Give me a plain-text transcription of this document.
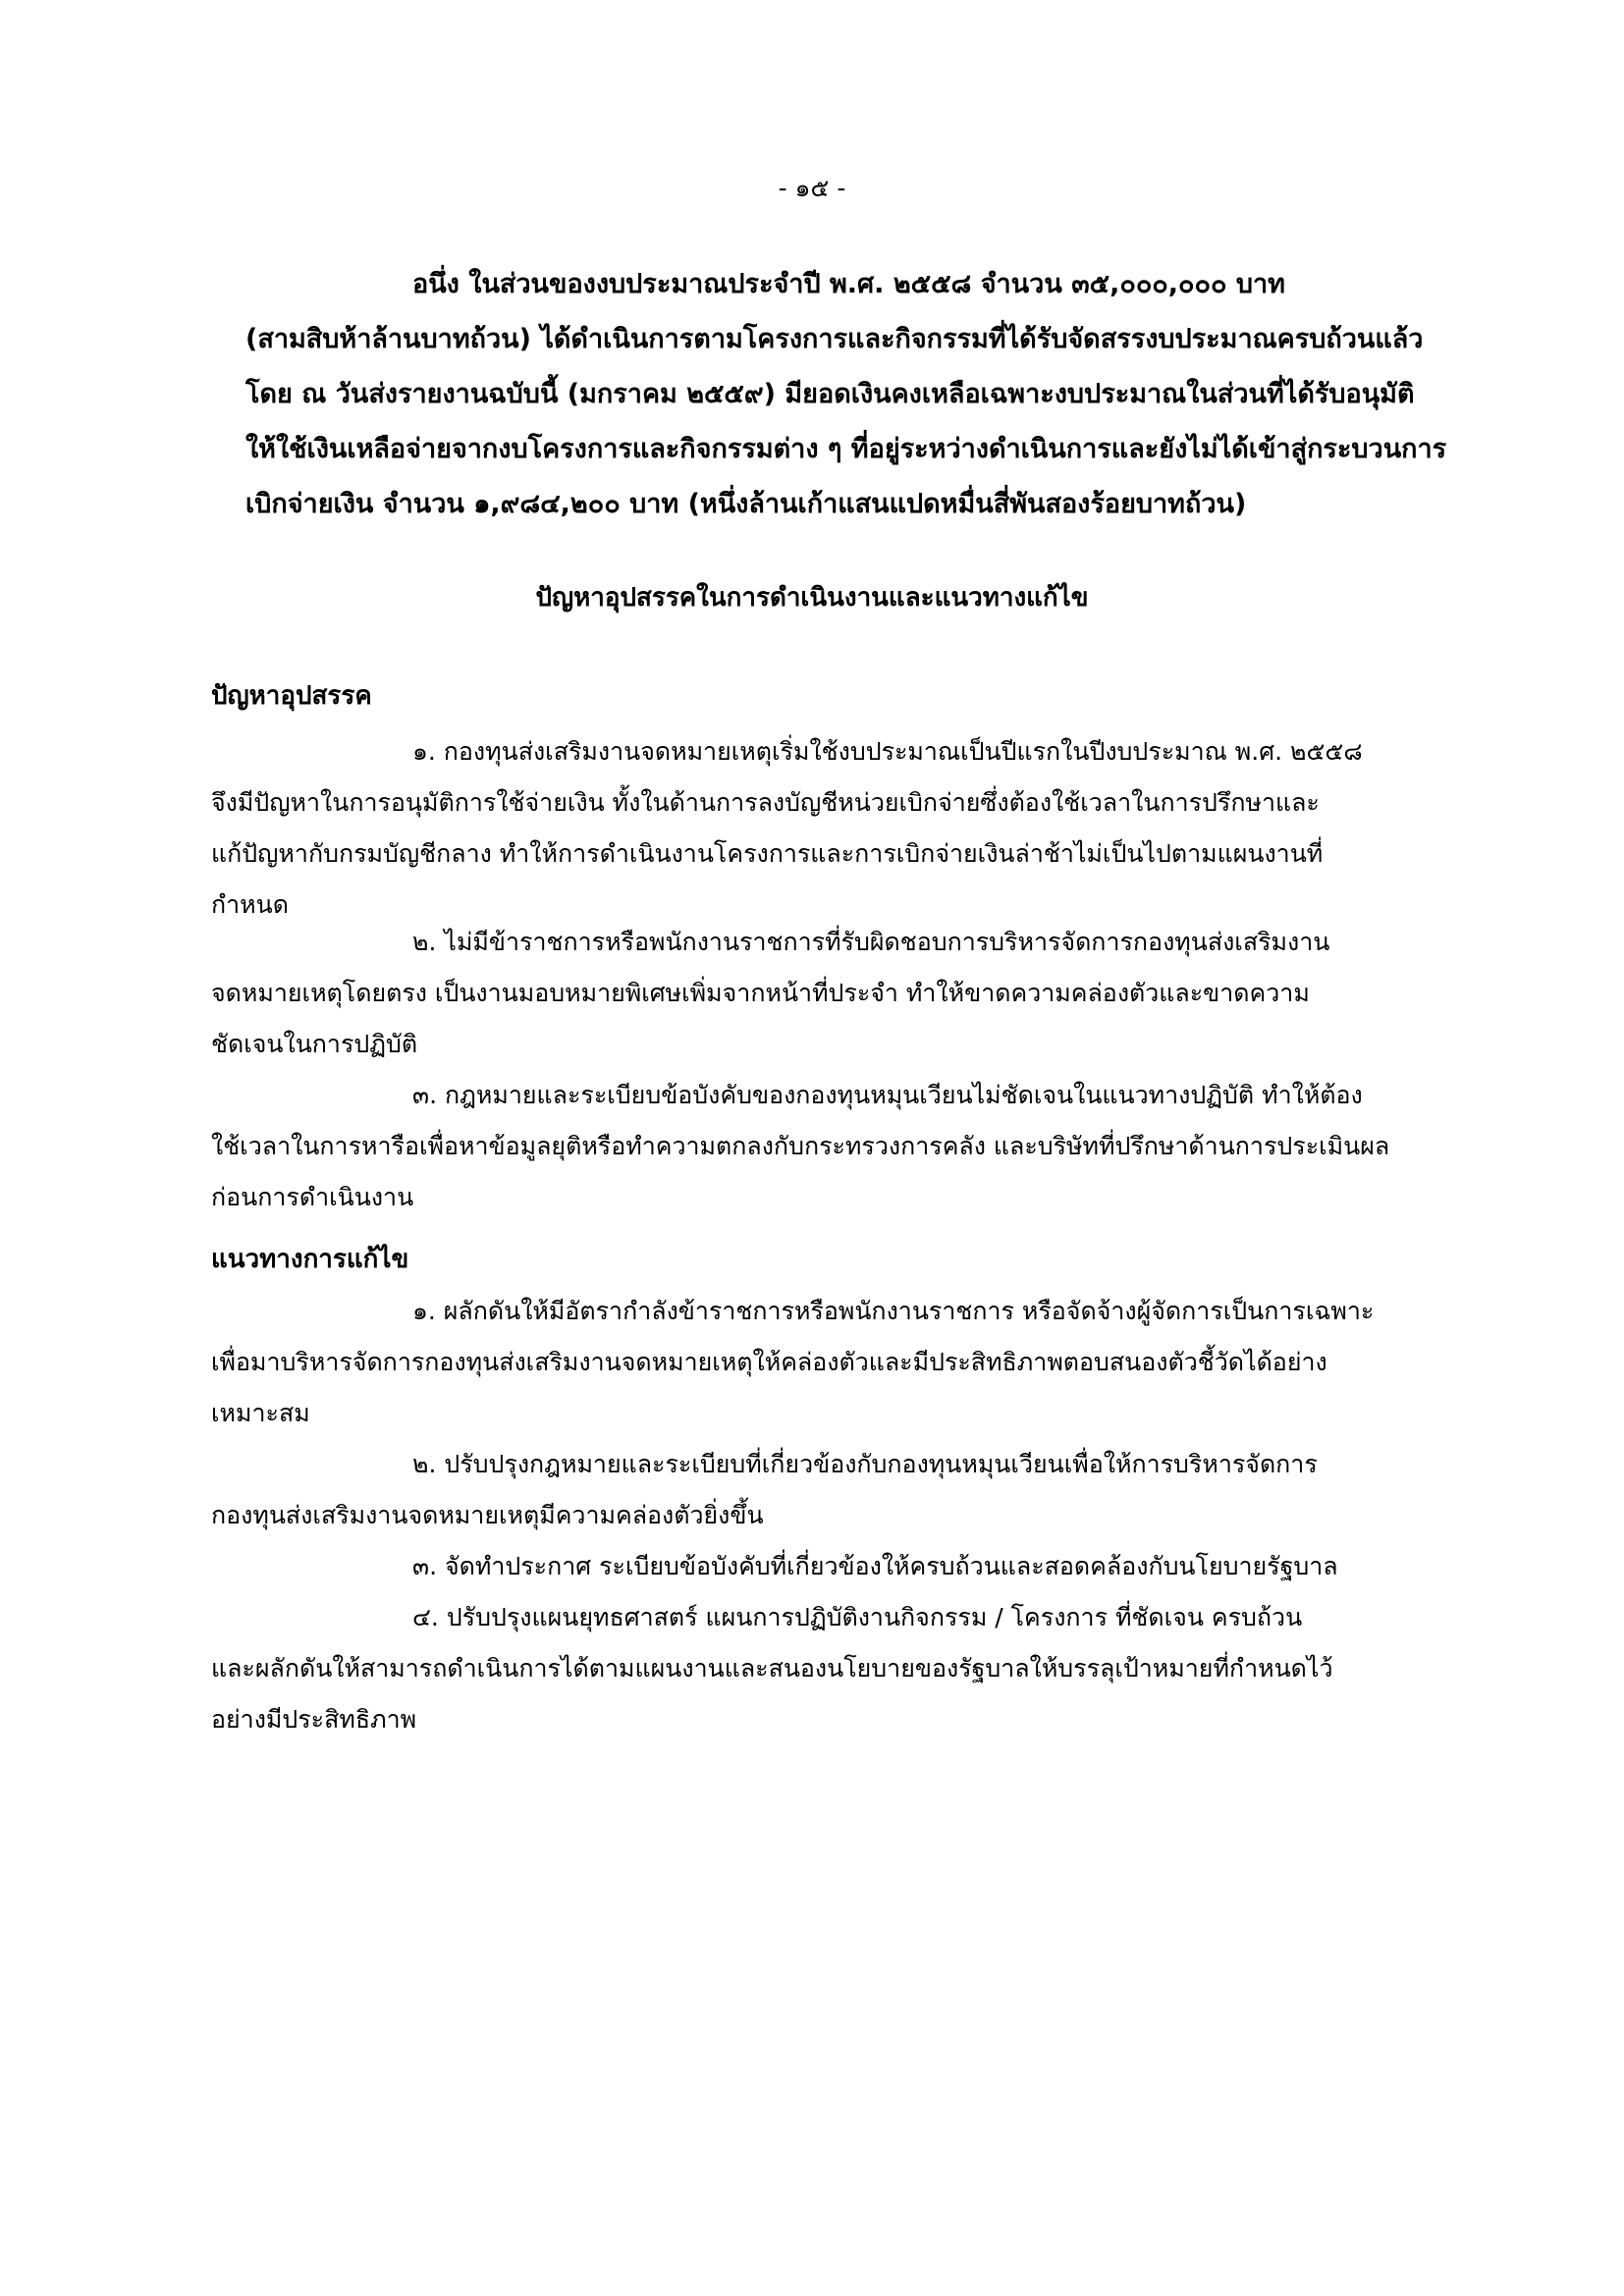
- ๑๕ -
อนึ่ง ในส่วนของงบประมาณประจำปี พ.ศ. ๒๕๕๘ จำนวน ๓๕,๐๐๐,๐๐๐ บาท
(สามสิบห้าล้านบาทถ้วน) ได้ดำเนินการตามโครงการและกิจกรรมที่ได้รับจัดสรรงบประมาณครบถ้วนแล้ว
โดย ณ วันส่งรายงานฉบับนี้ (มกราคม ๒๕๕๙) มียอดเงินคงเหลือเฉพาะงบประมาณในส่วนที่ได้รับอนุมัติ
ให้ใช้เงินเหลือจ่ายจากงบโครงการและกิจกรรมต่าง ๆ ที่อยู่ระหว่างดำเนินการและยังไม่ได้เข้าสู่กระบวนการ
เบิกจ่ายเงิน จำนวน ๑,๙๘๔,๒๐๐ บาท (หนึ่งล้านเก้าแสนแปดหมื่นสี่พันสองร้อยบาทถ้วน)
ปัญหาอุปสรรคในการดำเนินงานและแนวทางแก้ไข
ปัญหาอุปสรรค
๑. กองทุนส่งเสริมงานจดหมายเหตุเริ่มใช้งบประมาณเป็นปีแรกในปีงบประมาณ พ.ศ. ๒๕๕๘
จึงมีปัญหาในการอนุมัติการใช้จ่ายเงิน ทั้งในด้านการลงบัญชีหน่วยเบิกจ่ายซึ่งต้องใช้เวลาในการปรึกษาและ
แก้ปัญหากับกรมบัญชีกลาง ทำให้การดำเนินงานโครงการและการเบิกจ่ายเงินล่าช้าไม่เป็นไปตามแผนงานที่
กำหนด
๒. ไม่มีข้าราชการหรือพนักงานราชการที่รับผิดชอบการบริหารจัดการกองทุนส่งเสริมงาน
จดหมายเหตุโดยตรง เป็นงานมอบหมายพิเศษเพิ่มจากหน้าที่ประจำ ทำให้ขาดความคล่องตัวและขาดความ
ชัดเจนในการปฏิบัติ
๓. กฎหมายและระเบียบข้อบังคับของกองทุนหมุนเวียนไม่ชัดเจนในแนวทางปฏิบัติ ทำให้ต้อง
ใช้เวลาในการหารือเพื่อหาข้อมูลยุติหรือทำความตกลงกับกระทรวงการคลัง และบริษัทที่ปรึกษาด้านการประเมินผล
ก่อนการดำเนินงาน
แนวทางการแก้ไข
๑. ผลักดันให้มีอัตรากำลังข้าราชการหรือพนักงานราชการ หรือจัดจ้างผู้จัดการเป็นการเฉพาะ
เพื่อมาบริหารจัดการกองทุนส่งเสริมงานจดหมายเหตุให้คล่องตัวและมีประสิทธิภาพตอบสนองตัวชี้วัดได้อย่าง
เหมาะสม
๒. ปรับปรุงกฎหมายและระเบียบที่เกี่ยวข้องกับกองทุนหมุนเวียนเพื่อให้การบริหารจัดการ
กองทุนส่งเสริมงานจดหมายเหตุมีความคล่องตัวยิ่งขึ้น
๓. จัดทำประกาศ ระเบียบข้อบังคับที่เกี่ยวข้องให้ครบถ้วนและสอดคล้องกับนโยบายรัฐบาล
๔. ปรับปรุงแผนยุทธศาสตร์ แผนการปฏิบัติงานกิจกรรม / โครงการ ที่ชัดเจน ครบถ้วน
และผลักดันให้สามารถดำเนินการได้ตามแผนงานและสนองนโยบายของรัฐบาลให้บรรลุเป้าหมายที่กำหนดไว้
อย่างมีประสิทธิภาพ
